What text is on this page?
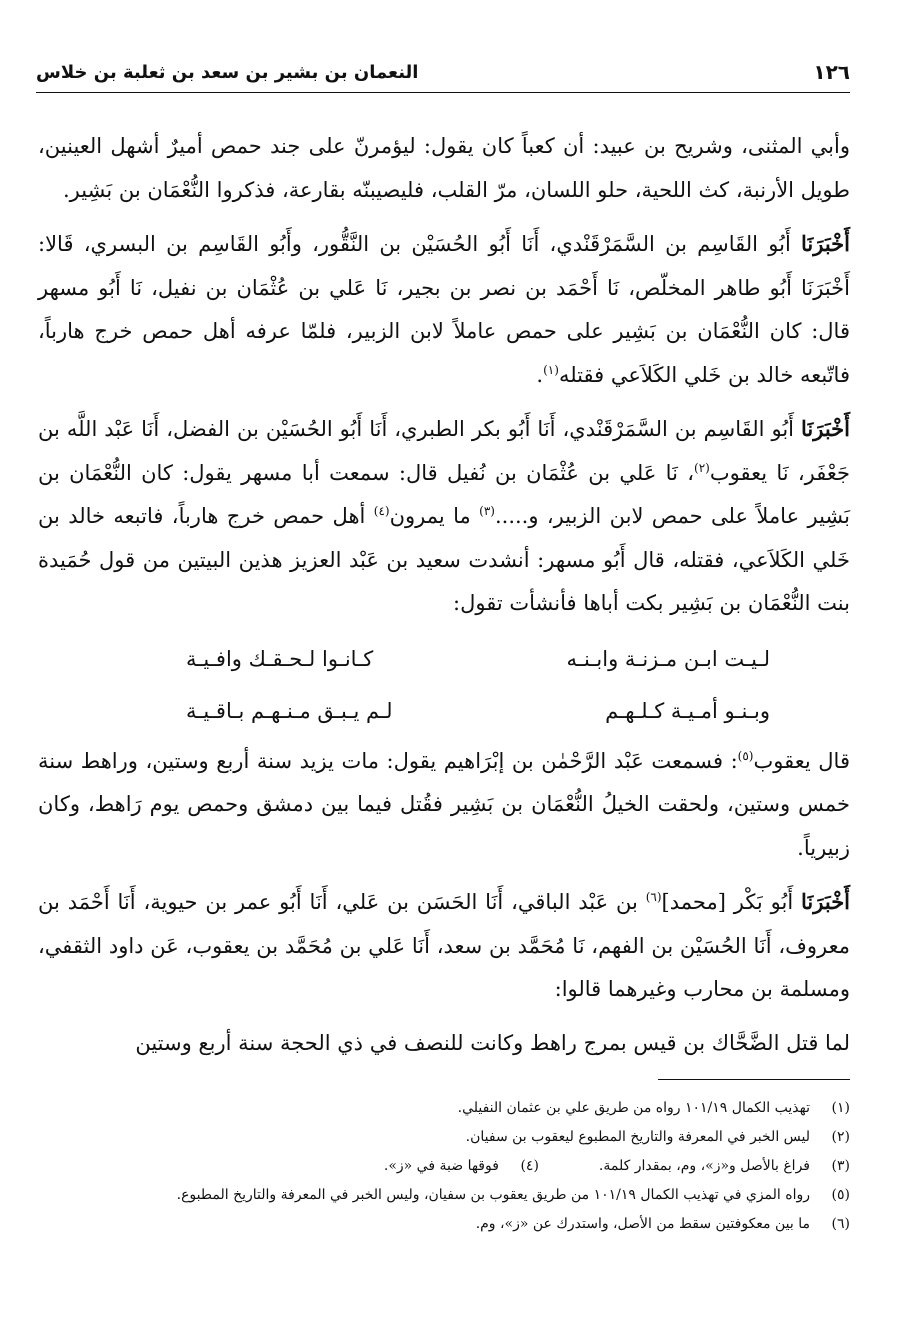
١٢٦
النعمان بن بشير بن سعد بن ثعلبة بن خلاس

وأبي المثنى، وشريح بن عبيد: أن كعباً كان يقول: ليؤمرنّ على جند حمص أميرٌ أشهل العينين، طويل الأرنبة، كث اللحية، حلو اللسان، مرّ القلب، فليصيبنّه بقارعة، فذكروا النُّعْمَان بن بَشِير.

أَخْبَرَنَا أَبُو القَاسِم بن السَّمَرْقَنْدي، أَنَا أَبُو الحُسَيْن بن النَّقُّور، وأَبُو القَاسِم بن البسري، قَالا: أَخْبَرَنَا أَبُو طاهر المخلّص، نَا أَحْمَد بن نصر بن بجير، نَا عَلي بن عُثْمَان بن نفيل، نَا أَبُو مسهر قال: كان النُّعْمَان بن بَشِير على حمص عاملاً لابن الزبير، فلمّا عرفه أهل حمص خرج هارباً، فاتّبعه خالد بن خَلي الكَلاَعي فقتله$^{(١)}$.

أَخْبَرَنَا أَبُو القَاسِم بن السَّمَرْقَنْدي، أَنَا أَبُو بكر الطبري، أَنَا أَبُو الحُسَيْن بن الفضل، أَنَا عَبْد اللَّه بن جَعْفَر، نَا يعقوب$^{(٢)}$، نَا عَلي بن عُثْمَان بن نُفيل قال: سمعت أبا مسهر يقول: كان النُّعْمَان بن بَشِير عاملاً على حمص لابن الزبير، و.....$^{(٣)}$ ما يمرون$^{(٤)}$ أهل حمص خرج هارباً، فاتبعه خالد بن خَلي الكَلاَعي، فقتله، قال أَبُو مسهر: أنشدت سعيد بن عَبْد العزيز هذين البيتين من قول حُمَيدة بنت النُّعْمَان بن بَشِير بكت أباها فأنشأت تقول:

لـيـت ابـن مـزنـة وابـنـه
كـانـوا لـحـقـك وافـيـة
وبـنـو أمـيـة كـلـهـم
لـم يـبـق مـنـهـم بـاقـيـة

قال يعقوب$^{(٥)}$: فسمعت عَبْد الرَّحْمٰن بن إبْرَاهيم يقول: مات يزيد سنة أربع وستين، وراهط سنة خمس وستين، ولحقت الخيلُ النُّعْمَان بن بَشِير فقُتل فيما بين دمشق وحمص يوم رَاهط، وكان زبيرياً.

أَخْبَرَنَا أَبُو بَكْر [محمد]$^{(٦)}$ بن عَبْد الباقي، أَنَا الحَسَن بن عَلي، أَنَا أَبُو عمر بن حيوية، أَنَا أَحْمَد بن معروف، أَنَا الحُسَيْن بن الفهم، نَا مُحَمَّد بن سعد، أَنَا عَلي بن مُحَمَّد بن يعقوب، عَن داود الثقفي، ومسلمة بن محارب وغيرهما قالوا:

لما قتل الضَّحَّاك بن قيس بمرج راهط وكانت للنصف في ذي الحجة سنة أربع وستين

(١)
تهذيب الكمال ١٠١/١٩ رواه من طريق علي بن عثمان النفيلي.
(٢)
ليس الخبر في المعرفة والتاريخ المطبوع ليعقوب بن سفيان.
(٣)
فراغ بالأصل و«ز»، وم، بمقدار كلمة.
(٤)
فوقها ضبة في «ز».
(٥)
رواه المزي في تهذيب الكمال ١٠١/١٩ من طريق يعقوب بن سفيان، وليس الخبر في المعرفة والتاريخ المطبوع.
(٦)
ما بين معكوفتين سقط من الأصل، واستدرك عن «ز»، وم.
